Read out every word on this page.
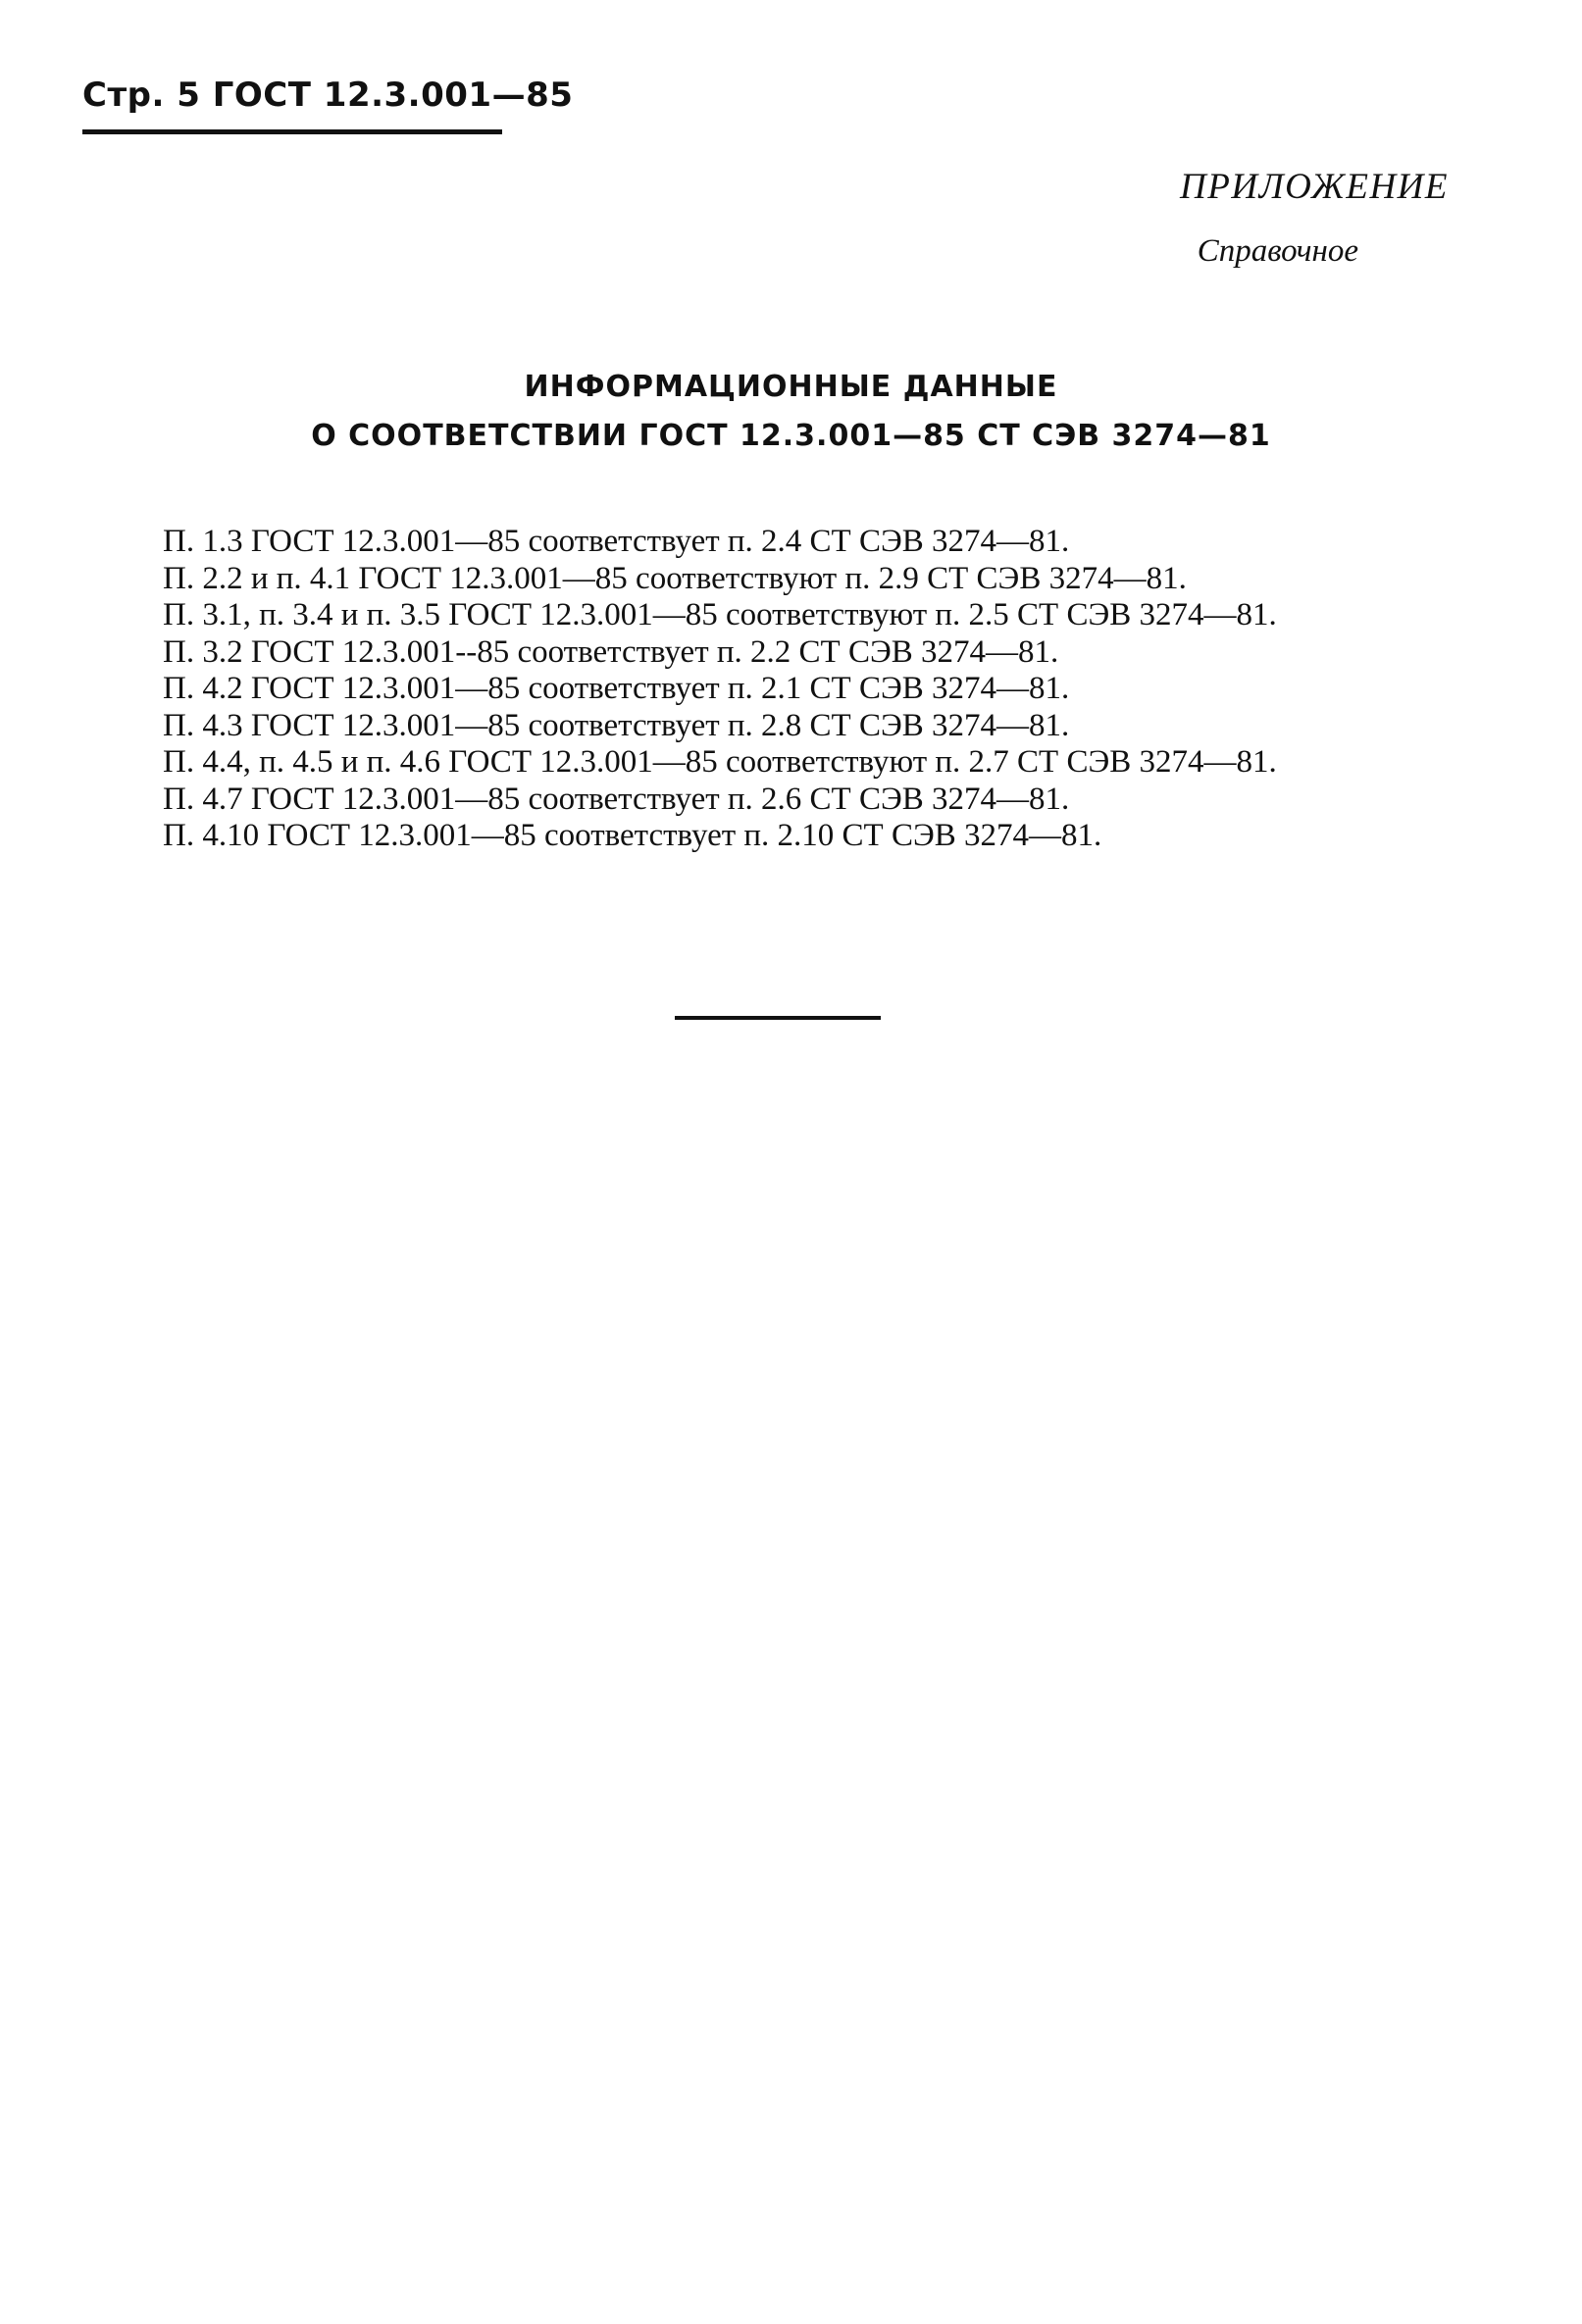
Стр. 5 ГОСТ 12.3.001—85
ПРИЛОЖЕНИЕ
Справочное
ИНФОРМАЦИОННЫЕ ДАННЫЕ
О СООТВЕТСТВИИ ГОСТ 12.3.001—85 СТ СЭВ 3274—81

П. 1.3 ГОСТ 12.3.001—85 соответствует п. 2.4 СТ СЭВ 3274—81.

П. 2.2 и п. 4.1 ГОСТ 12.3.001—85 соответствуют п. 2.9 СТ СЭВ 3274—81.

П. 3.1, п. 3.4 и п. 3.5 ГОСТ 12.3.001—85 соответствуют п. 2.5 СТ СЭВ 3274—81.

П. 3.2 ГОСТ 12.3.001--85 соответствует п. 2.2 СТ СЭВ 3274—81.

П. 4.2 ГОСТ 12.3.001—85 соответствует п. 2.1 СТ СЭВ 3274—81.

П. 4.3 ГОСТ 12.3.001—85 соответствует п. 2.8 СТ СЭВ 3274—81.

П. 4.4, п. 4.5 и п. 4.6 ГОСТ 12.3.001—85 соответствуют п. 2.7 СТ СЭВ 3274—81.

П. 4.7 ГОСТ 12.3.001—85 соответствует п. 2.6 СТ СЭВ 3274—81.

П. 4.10 ГОСТ 12.3.001—85 соответствует п. 2.10 СТ СЭВ 3274—81.
